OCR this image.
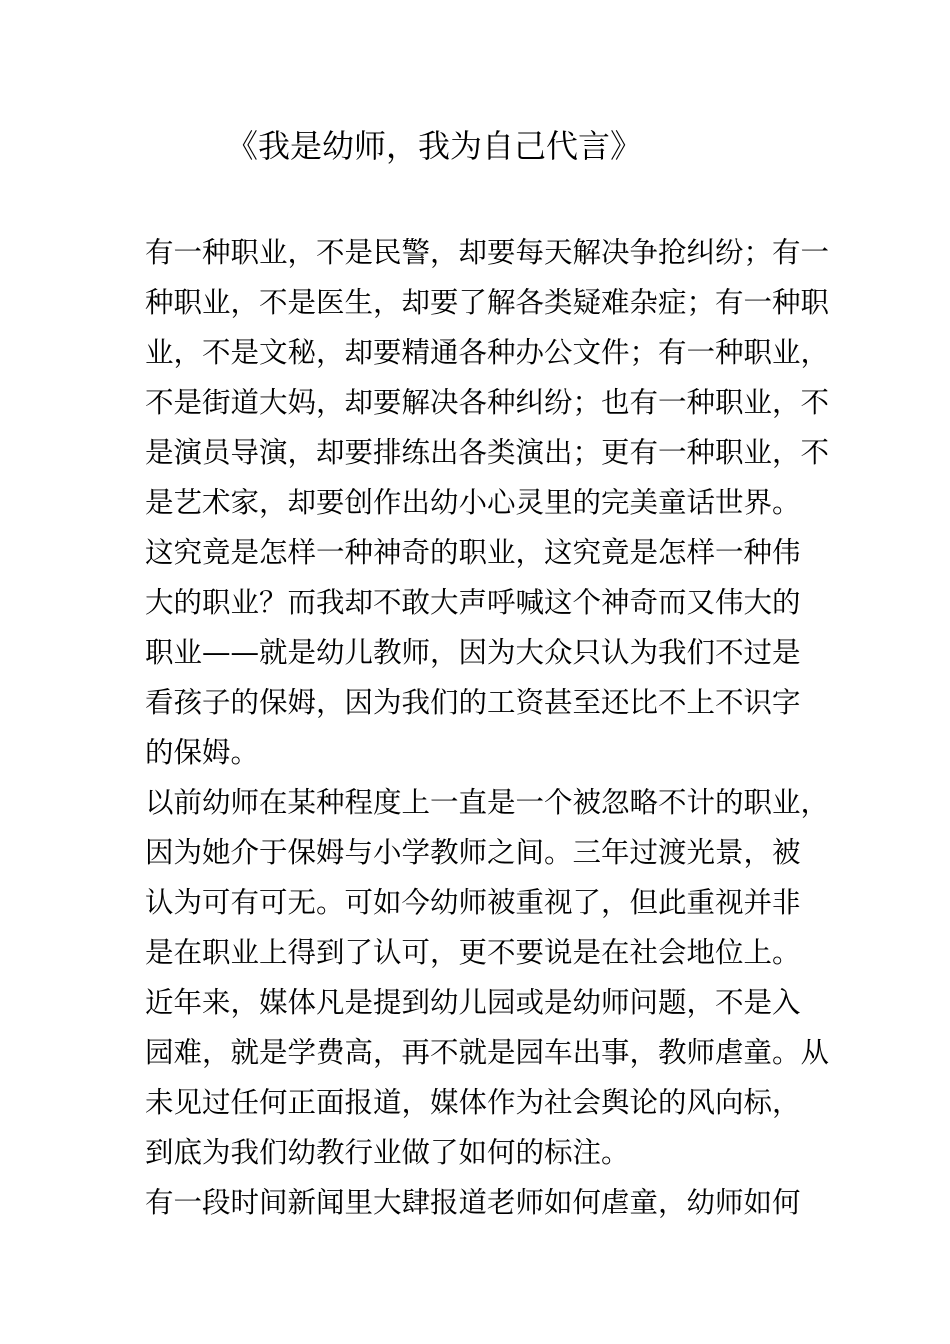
《我是幼师，我为自己代言》
有一种职业，不是民警，却要每天解决争抢纠纷；有一
种职业，不是医生，却要了解各类疑难杂症；有一种职
业，不是文秘，却要精通各种办公文件；有一种职业，
不是街道大妈，却要解决各种纠纷；也有一种职业，不
是演员导演，却要排练出各类演出；更有一种职业，不
是艺术家，却要创作出幼小心灵里的完美童话世界。
这究竟是怎样一种神奇的职业，这究竟是怎样一种伟
大的职业？而我却不敢大声呼喊这个神奇而又伟大的
职业——就是幼儿教师，因为大众只认为我们不过是
看孩子的保姆，因为我们的工资甚至还比不上不识字
的保姆。
以前幼师在某种程度上一直是一个被忽略不计的职业，
因为她介于保姆与小学教师之间。三年过渡光景，被
认为可有可无。可如今幼师被重视了，但此重视并非
是在职业上得到了认可，更不要说是在社会地位上。
近年来，媒体凡是提到幼儿园或是幼师问题，不是入
园难，就是学费高，再不就是园车出事，教师虐童。从
未见过任何正面报道，媒体作为社会舆论的风向标，
到底为我们幼教行业做了如何的标注。
有一段时间新闻里大肆报道老师如何虐童，幼师如何
